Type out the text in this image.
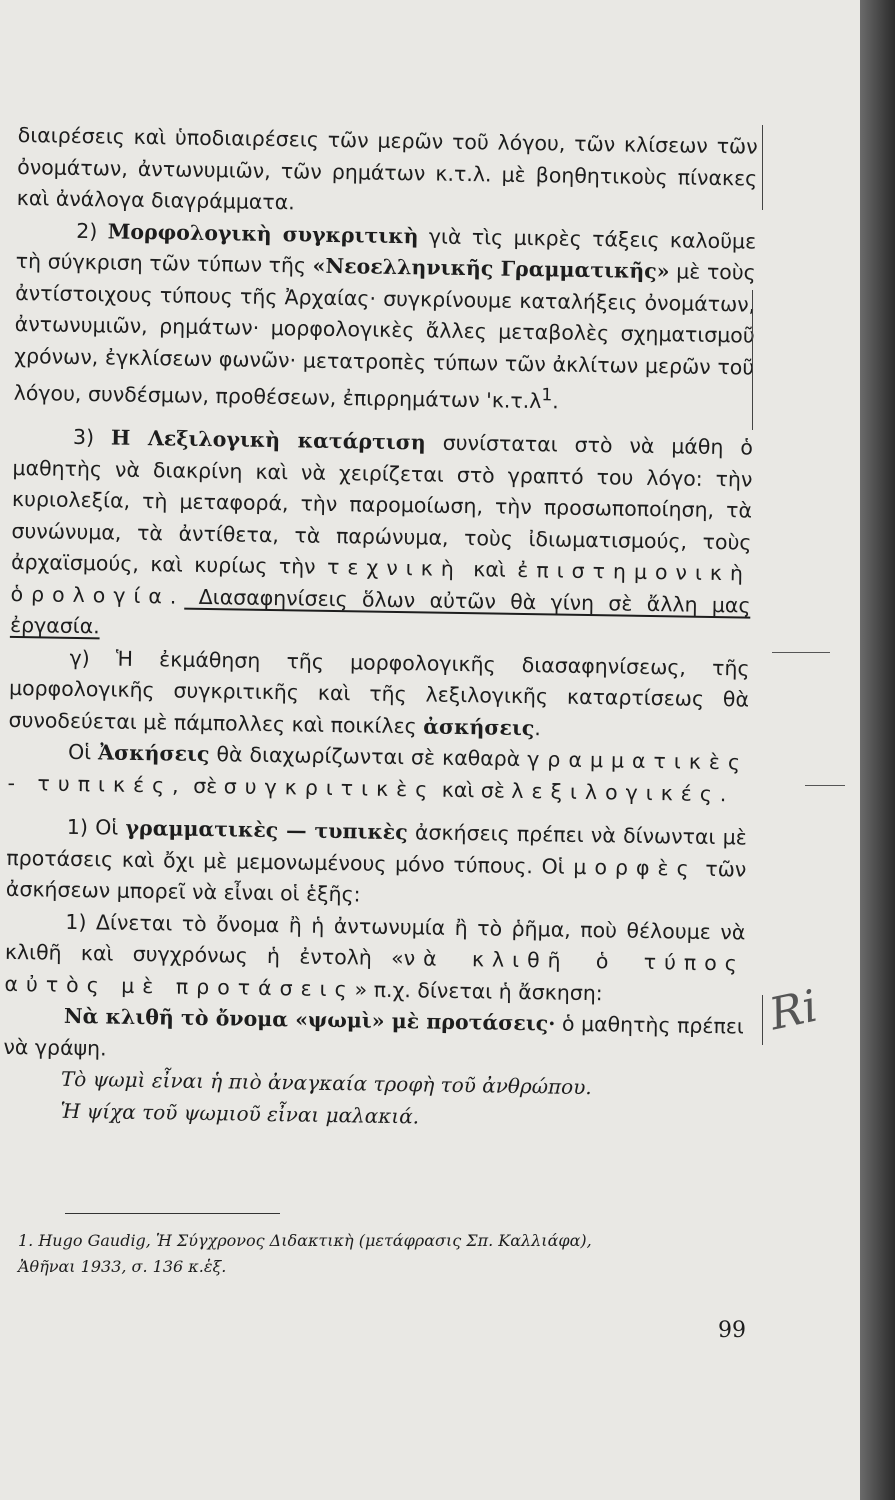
διαιρέσεις καὶ ὑποδιαιρέσεις τῶν μερῶν τοῦ λόγου, τῶν κλίσεων τῶν ὀνομάτων, ἀντωνυμιῶν, τῶν ρημάτων κ.τ.λ. μὲ βοηθητικοὺς πίνακες καὶ ἀνάλογα διαγράμματα.

2) Μορφολογικὴ συγκριτικὴ γιὰ τὶς μικρὲς τάξεις καλοῦμε τὴ σύγκριση τῶν τύπων τῆς «Νεοελληνικῆς Γραμματικῆς» μὲ τοὺς ἀντίστοιχους τύπους τῆς Ἀρχαίας· συγκρίνουμε καταλήξεις ὀνομάτων, ἀντωνυμιῶν, ρημάτων· μορφολογικὲς ἄλλες μεταβολὲς σχηματισμοῦ χρόνων, ἐγκλίσεων φωνῶν· μετατροπὲς τύπων τῶν ἀκλίτων μερῶν τοῦ λόγου, συνδέσμων, προθέσεων, ἐπιρρημάτων '$\kappa.\tau.\lambda^1$.

3) Η Λεξιλογικὴ κατάρτιση συνίσταται στὸ νὰ μάθη ὁ μαθητὴς νὰ διακρίνη καὶ νὰ χειρίζεται στὸ γραπτό του λόγο: τὴν κυριολεξία, τὴ μεταφορά, τὴν παρομοίωση, τὴν προσωποποίηση, τὰ συνώνυμα, τὰ ἀντίθετα, τὰ παρώνυμα, τοὺς ἰδιωματισμούς, τοὺς ἀρχαϊσμούς, καὶ κυρίως τὴν τεχνικὴ καὶ ἐπιστημονικὴ ὁρολογία. Διασαφηνίσεις ὅλων αὐτῶν θὰ γίνη σὲ ἄλλη μας ἐργασία.

γ) Ἡ ἐκμάθηση τῆς μορφολογικῆς διασαφηνίσεως, τῆς μορφολογικῆς συγκριτικῆς καὶ τῆς λεξιλογικῆς καταρτίσεως θὰ συνοδεύεται μὲ πάμπολλες καὶ ποικίλες ἀσκήσεις.

Οἱ Ἀσκήσεις θὰ διαχωρίζωνται σὲ καθαρὰ γραμματικὲς - τυπικές, σὲ συγκριτικὲς καὶ σὲ λεξιλογικές.

1) Οἱ γραμματικὲς — τυπικὲς ἀσκήσεις πρέπει νὰ δίνωνται μὲ προτάσεις καὶ ὄχι μὲ μεμονωμένους μόνο τύπους. Οἱ μορφὲς τῶν ἀσκήσεων μπορεῖ νὰ εἶναι οἱ ἑξῆς:

1) Δίνεται τὸ ὄνομα ἢ ἡ ἀντωνυμία ἢ τὸ ῥῆμα, ποὺ θέλουμε νὰ κλιθῆ καὶ συγχρόνως ἡ ἐντολὴ «νὰ κλιθῆ ὁ τύπος αὐτὸς μὲ προτάσεις» π.χ. δίνεται ἡ ἄσκηση:

Νὰ κλιθῆ τὸ ὄνομα «ψωμὶ» μὲ προτάσεις· ὁ μαθητὴς πρέπει νὰ γράψη.

Τὸ ψωμὶ εἶναι ἡ πιὸ ἀναγκαία τροφὴ τοῦ ἀνθρώπου.

Ἡ ψίχα τοῦ ψωμιοῦ εἶναι μαλακιά.

1. Hugo Gaudig, Ἡ Σύγχρονος Διδακτικὴ (μετάφρασις Σπ. Καλλιάφα),

Ἀθῆναι 1933, σ. 136 κ.ἑξ.

99
Ri
